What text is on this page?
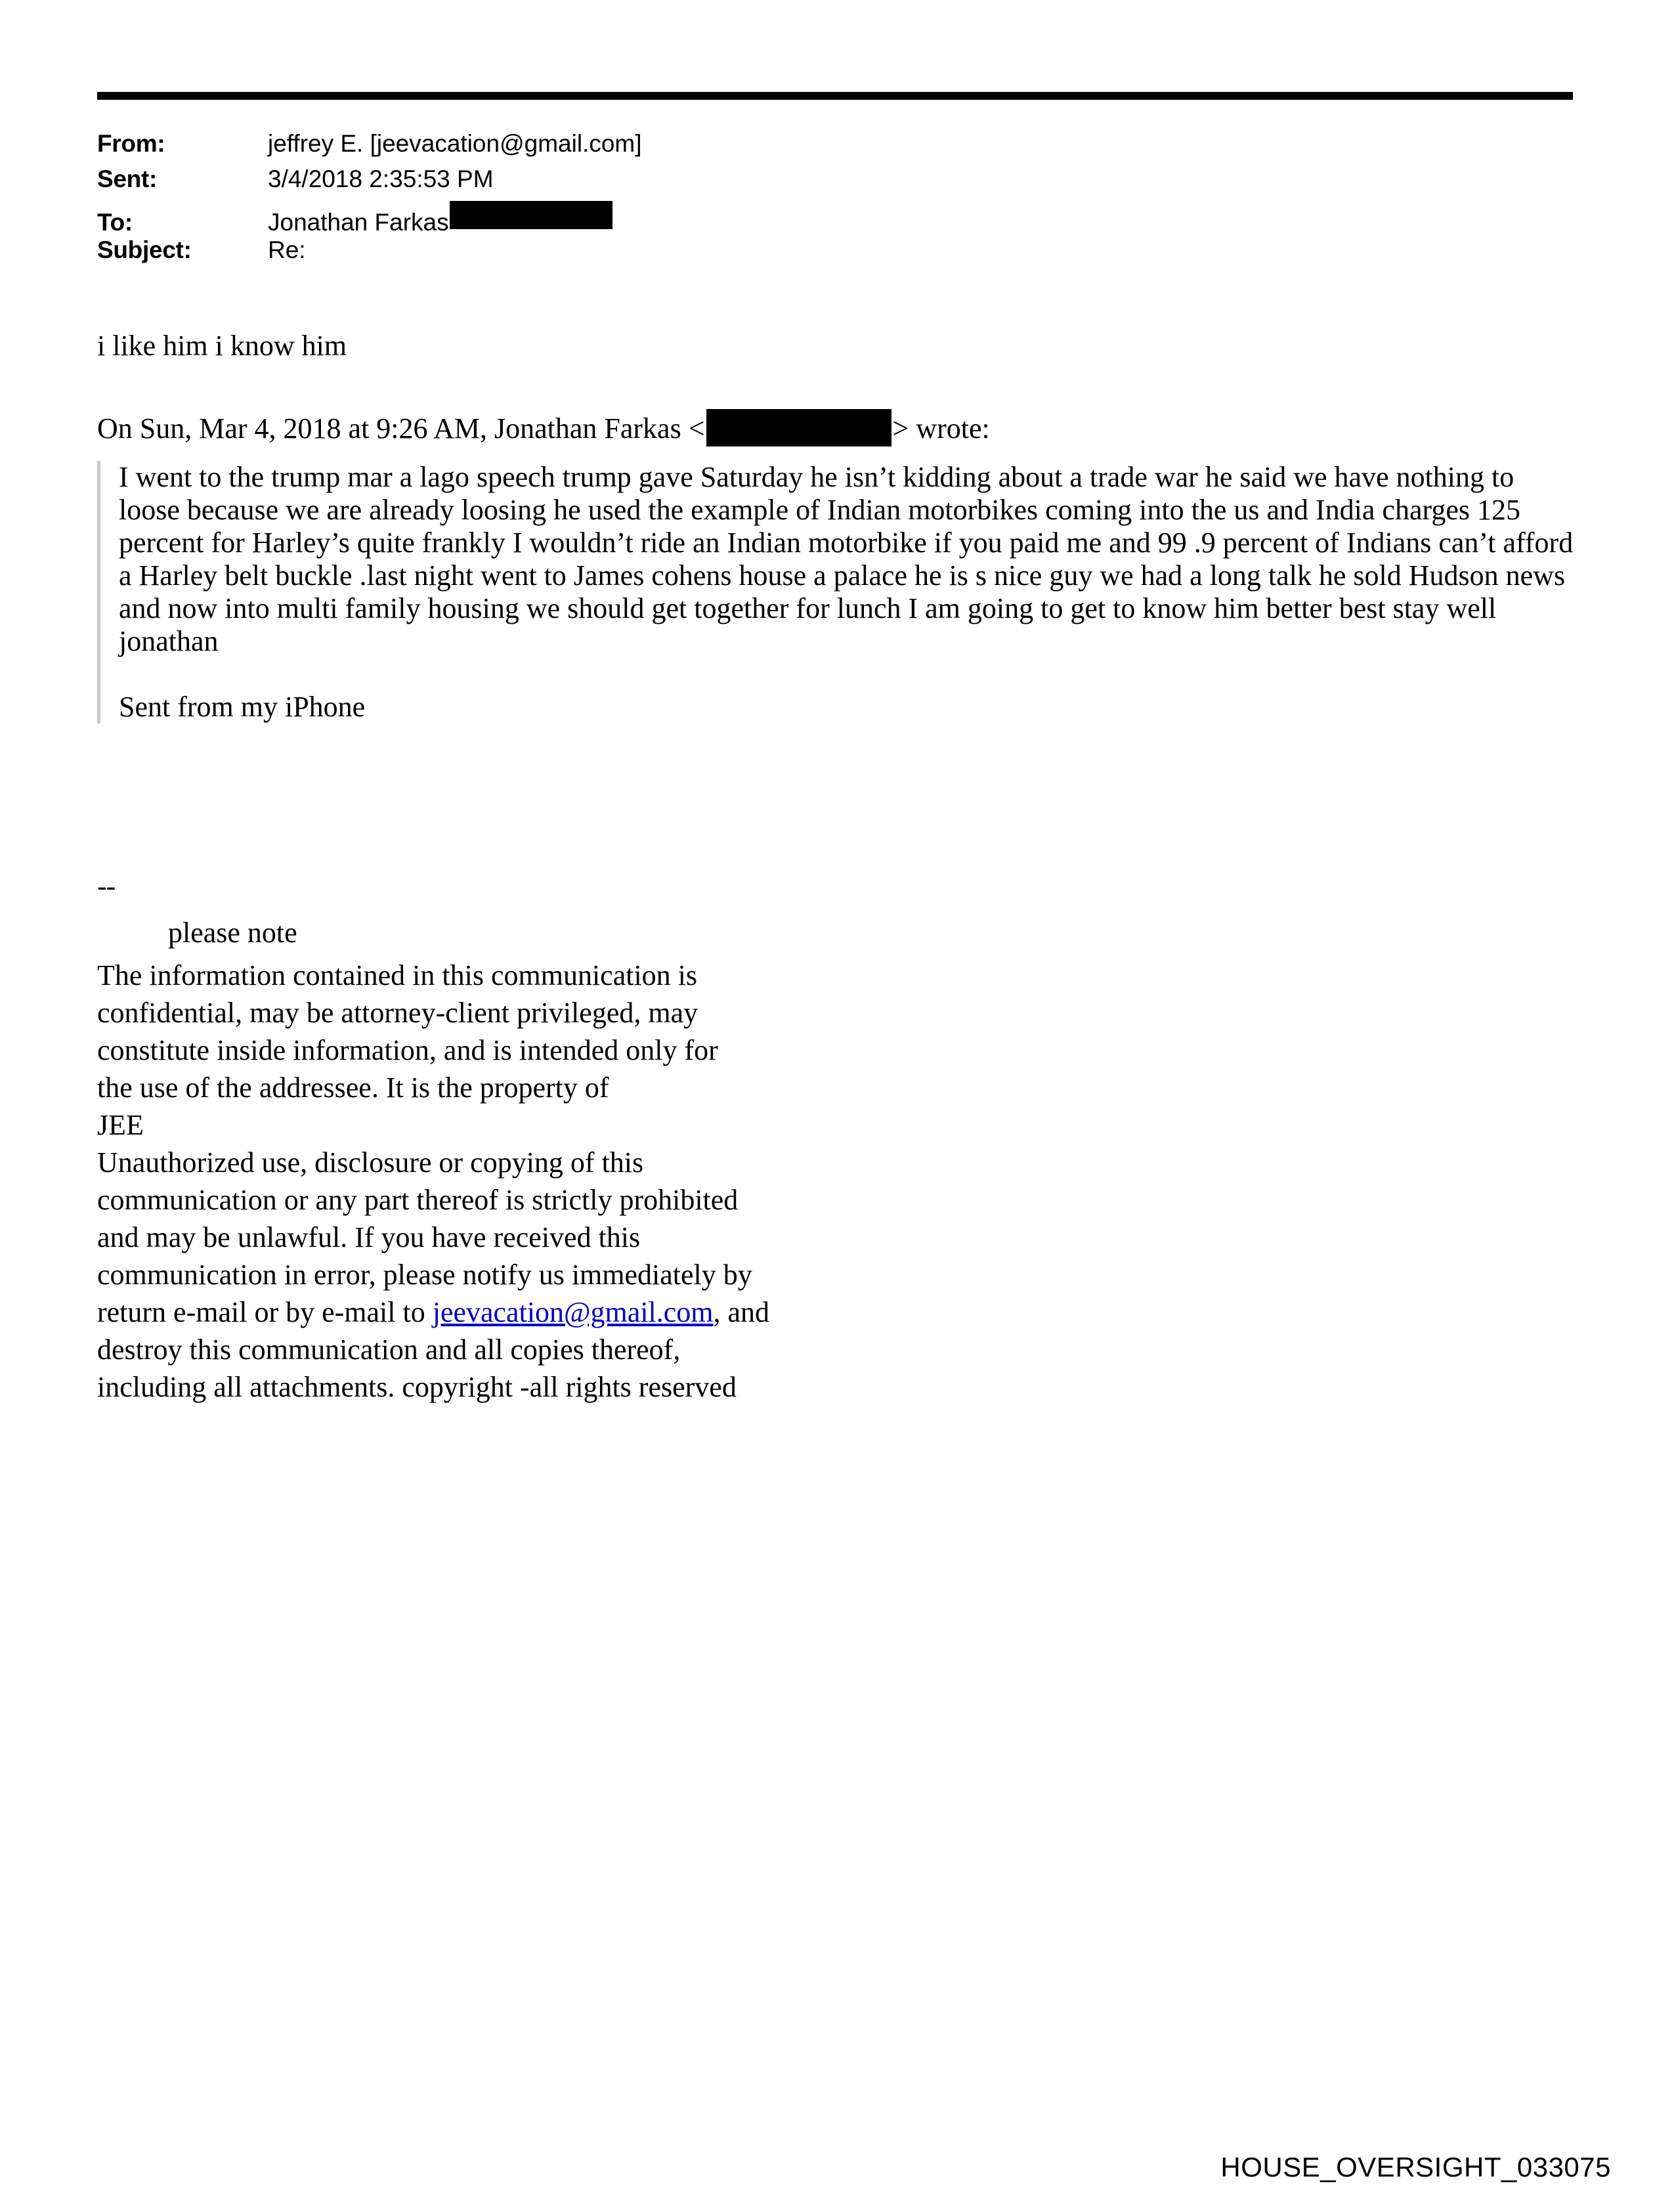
From:	jeffrey E. [jeevacation@gmail.com]
Sent:	3/4/2018 2:35:53 PM
To:	Jonathan Farkas
Subject:	Re:

i like him i know him

On Sun, Mar 4, 2018 at 9:26 AM, Jonathan Farkas <	> wrote:

I went to the trump mar a lago speech trump gave Saturday he isn’t kidding about a trade war he said we have nothing to loose because we are already loosing he used the example of Indian motorbikes coming into the us and India charges 125 percent for Harley’s quite frankly I wouldn’t ride an Indian motorbike if you paid me and 99 .9 percent of Indians can’t afford a Harley belt buckle .last night went to James cohens house a palace he is s nice guy we had a long talk he sold Hudson news and now into multi family housing we should get together for lunch I am going to get to know him better best stay well jonathan

Sent from my iPhone

--

please note

The information contained in this communication is

confidential, may be attorney-client privileged, may

constitute inside information, and is intended only for

the use of the addressee. It is the property of

JEE

Unauthorized use, disclosure or copying of this

communication or any part thereof is strictly prohibited

and may be unlawful. If you have received this

communication in error, please notify us immediately by

return e-mail or by e-mail to jeevacation@gmail.com, and

destroy this communication and all copies thereof,

including all attachments. copyright -all rights reserved

HOUSE_OVERSIGHT_033075
